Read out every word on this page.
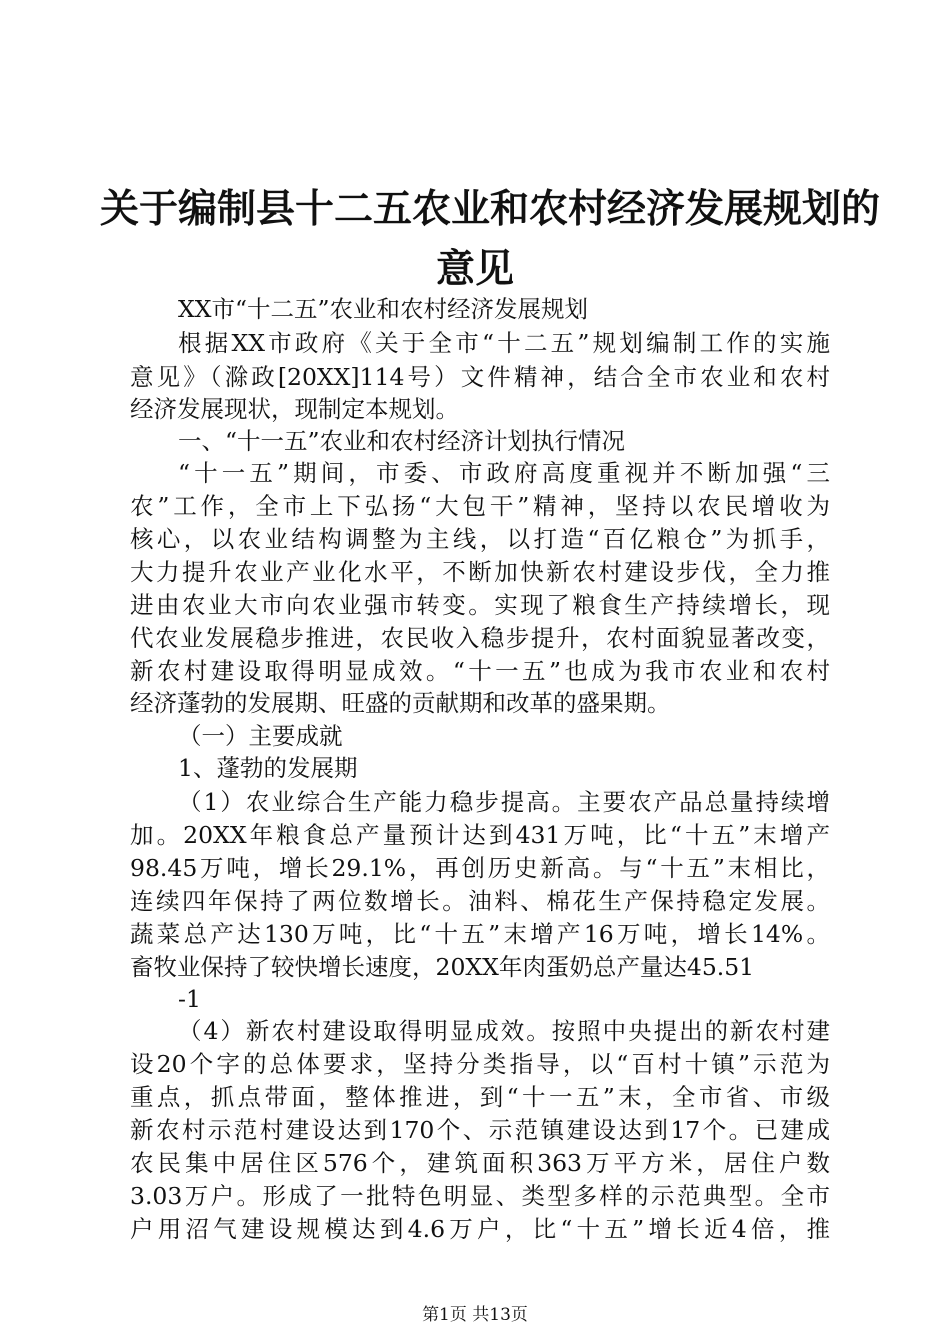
关于编制县十二五农业和农村经济发展规划的
意见
XX市“十二五”农业和农村经济发展规划
根据XX市政府《关于全市“十二五”规划编制工作的实施
意见》（滁政[20XX]114号）文件精神，结合全市农业和农村
经济发展现状，现制定本规划。
一、“十一五”农业和农村经济计划执行情况
“十一五”期间，市委、市政府高度重视并不断加强“三
农”工作，全市上下弘扬“大包干”精神，坚持以农民增收为
核心，以农业结构调整为主线，以打造“百亿粮仓”为抓手，
大力提升农业产业化水平，不断加快新农村建设步伐，全力推
进由农业大市向农业强市转变。实现了粮食生产持续增长，现
代农业发展稳步推进，农民收入稳步提升，农村面貌显著改变，
新农村建设取得明显成效。“十一五”也成为我市农业和农村
经济蓬勃的发展期、旺盛的贡献期和改革的盛果期。
（一）主要成就
1、蓬勃的发展期
（1）农业综合生产能力稳步提高。主要农产品总量持续增
加。20XX年粮食总产量预计达到431万吨，比“十五”末增产
98.45万吨，增长29.1%，再创历史新高。与“十五”末相比，
连续四年保持了两位数增长。油料、棉花生产保持稳定发展。
蔬菜总产达130万吨，比“十五”末增产16万吨，增长14%。
畜牧业保持了较快增长速度，20XX年肉蛋奶总产量达45.51
-1
（4）新农村建设取得明显成效。按照中央提出的新农村建
设20个字的总体要求，坚持分类指导，以“百村十镇”示范为
重点，抓点带面，整体推进，到“十一五”末，全市省、市级
新农村示范村建设达到170个、示范镇建设达到17个。已建成
农民集中居住区576个，建筑面积363万平方米，居住户数
3.03万户。形成了一批特色明显、类型多样的示范典型。全市
户用沼气建设规模达到4.6万户，比“十五”增长近4倍，推
第1页 共13页
